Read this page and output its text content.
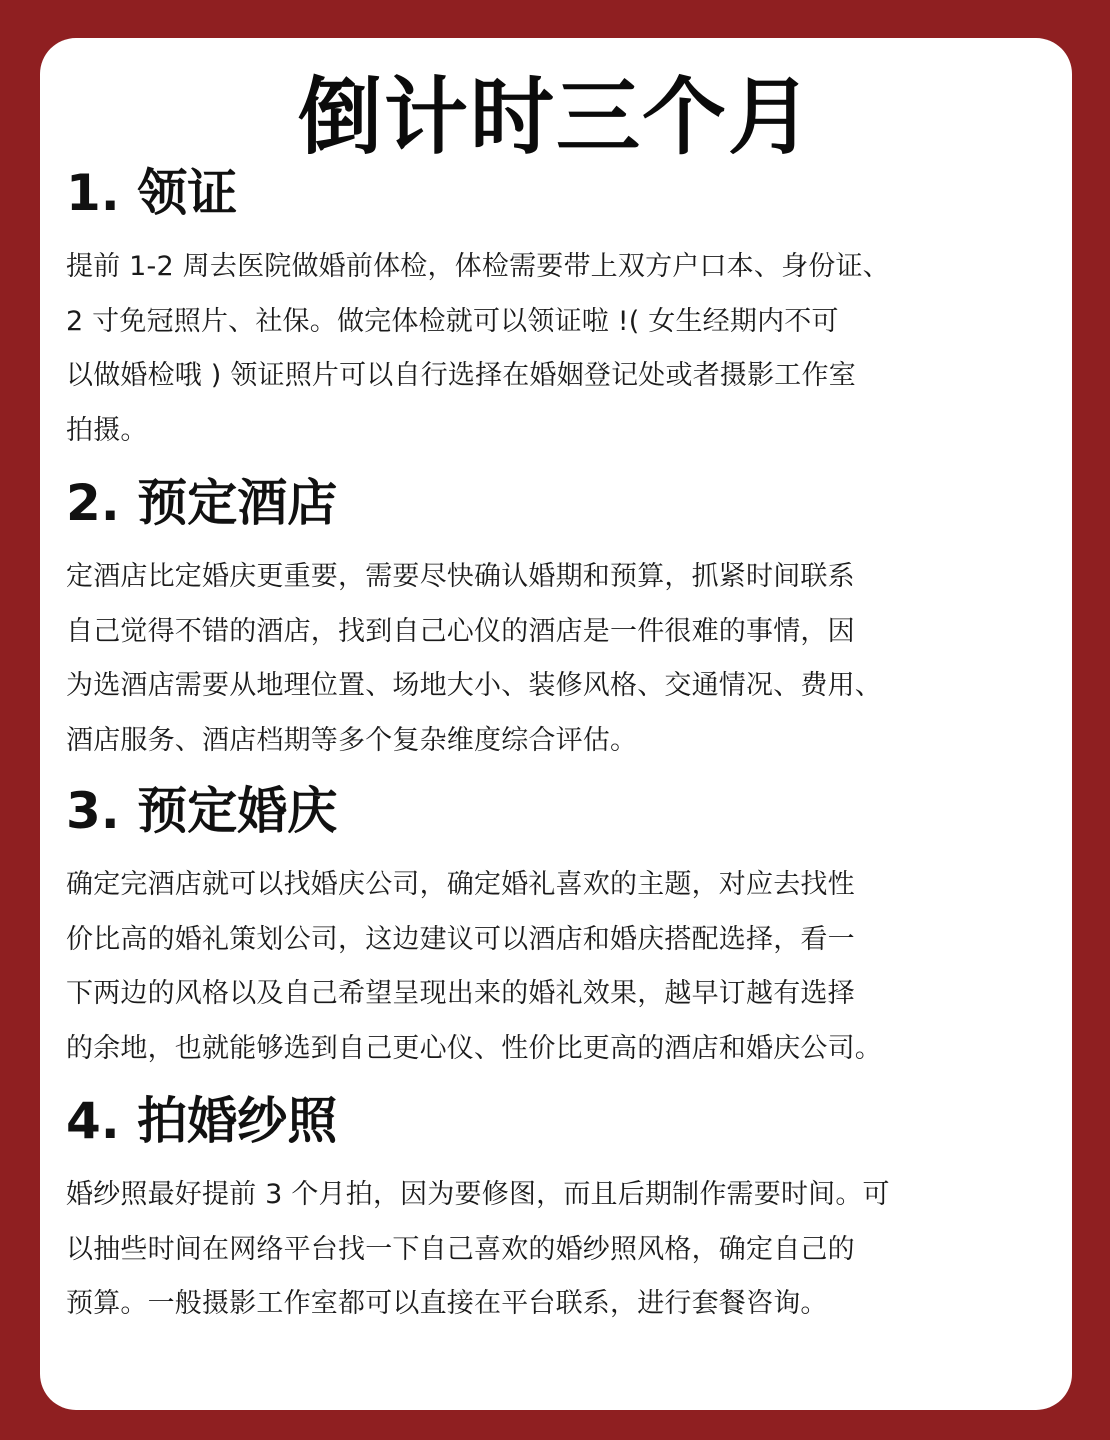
倒计时三个月
1. 领证

提前 1-2 周去医院做婚前体检，体检需要带上双方户口本、身份证、
2 寸免冠照片、社保。做完体检就可以领证啦 !( 女生经期内不可
以做婚检哦 ) 领证照片可以自行选择在婚姻登记处或者摄影工作室
拍摄。

2. 预定酒店

定酒店比定婚庆更重要，需要尽快确认婚期和预算，抓紧时间联系
自己觉得不错的酒店，找到自己心仪的酒店是一件很难的事情，因
为选酒店需要从地理位置、场地大小、装修风格、交通情况、费用、
酒店服务、酒店档期等多个复杂维度综合评估。

3. 预定婚庆

确定完酒店就可以找婚庆公司，确定婚礼喜欢的主题，对应去找性
价比高的婚礼策划公司，这边建议可以酒店和婚庆搭配选择，看一
下两边的风格以及自己希望呈现出来的婚礼效果，越早订越有选择
的余地，也就能够选到自己更心仪、性价比更高的酒店和婚庆公司。

4. 拍婚纱照

婚纱照最好提前 3 个月拍，因为要修图，而且后期制作需要时间。可
以抽些时间在网络平台找一下自己喜欢的婚纱照风格，确定自己的
预算。一般摄影工作室都可以直接在平台联系，进行套餐咨询。
